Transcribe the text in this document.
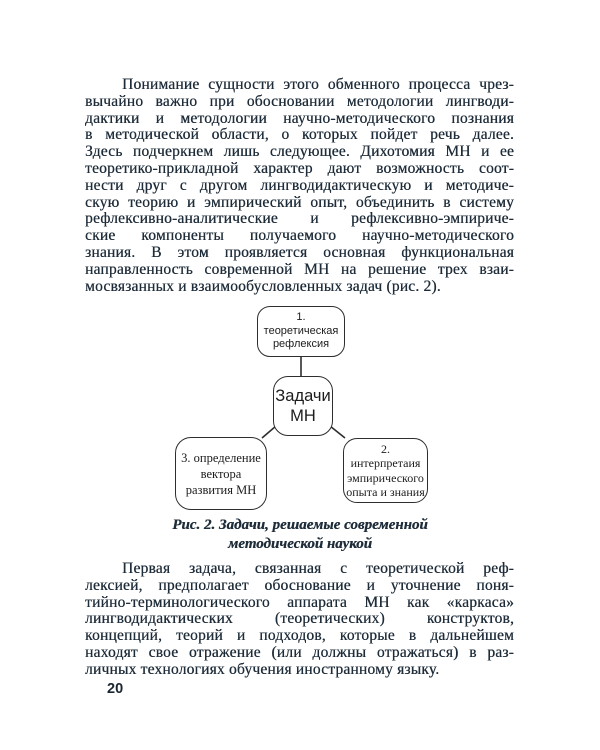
Понимание сущности этого обменного процесса чрез-
вычайно важно при обосновании методологии лингводи-
дактики и методологии научно-методического познания
в методической области, о которых пойдет речь далее.
Здесь подчеркнем лишь следующее. Дихотомия МН и ее
теоретико-прикладной характер дают возможность соот-
нести друг с другом лингводидактическую и методиче-
скую теорию и эмпирический опыт, объединить в систему
рефлексивно-аналитические и рефлексивно-эмпириче-
ские компоненты получаемого научно-методического
знания. В этом проявляется основная функциональная
направленность современной МН на решение трех взаи-
мосвязанных и взаимообусловленных задач (рис. 2).
1.
теоретическая
рефлексия
Задачи
МН
3. определение
вектора
развития МН
2.
интерпретаия
эмпирического
опыта и знания
Рис. 2. Задачи, решаемые современной
методической наукой
Первая задача, связанная с теоретической реф-
лексией, предполагает обоснование и уточнение поня-
тийно-терминологического аппарата МН как «каркаса»
лингводидактических (теоретических) конструктов,
концепций, теорий и подходов, которые в дальнейшем
находят свое отражение (или должны отражаться) в раз-
личных технологиях обучения иностранному языку.
20
